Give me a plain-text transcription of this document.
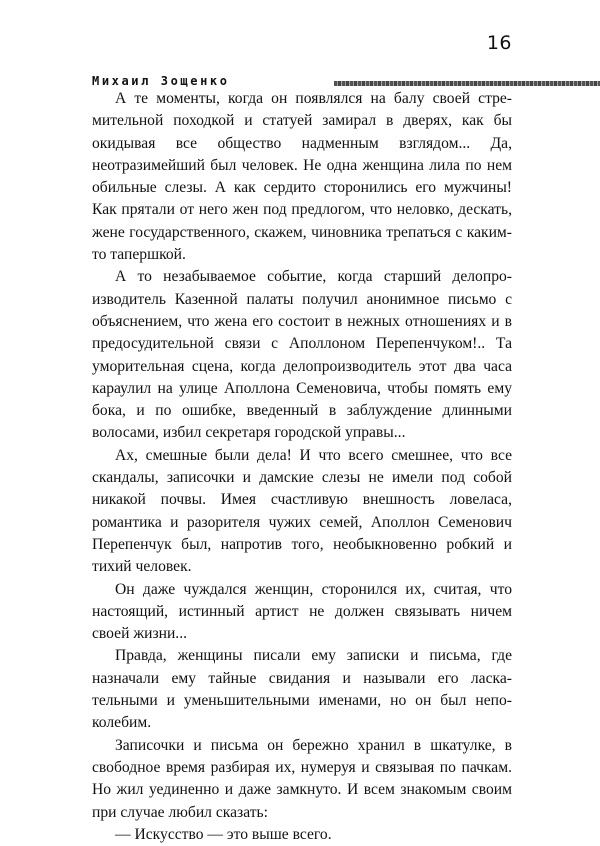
Михаил Зощенко
16

А те моменты, когда он появлялся на балу своей стремительной походкой и статуей замирал в дверях, как бы окидывая все общество надменным взглядом... Да, неотразимейший был человек. Не одна женщина лила по нем обильные слезы. А как сердито сторонились его мужчины! Как прятали от него жен под предлогом, что неловко, дескать, жене государственного, скажем, чиновника трепаться с каким-то тапершкой.

А то незабываемое событие, когда старший делопроизводитель Казенной палаты получил анонимное письмо с объяснением, что жена его состоит в нежных отношениях и в предосудительной связи с Аполлоном Перепенчуком!.. Та уморительная сцена, когда делопроизводитель этот два часа караулил на улице Аполлона Семеновича, чтобы помять ему бока, и по ошибке, введенный в заблуждение длинными волосами, избил секретаря городской управы...

Ах, смешные были дела! И что всего смешнее, что все скандалы, записочки и дамские слезы не имели под собой никакой почвы. Имея счастливую внешность ловеласа, романтика и разорителя чужих семей, Аполлон Семенович Перепенчук был, напротив того, необыкновенно робкий и тихий человек.

Он даже чуждался женщин, сторонился их, считая, что настоящий, истинный артист не должен связывать ничем своей жизни...

Правда, женщины писали ему записки и письма, где назначали ему тайные свидания и называли его ласкательными и уменьшительными именами, но он был непоколебим.

Записочки и письма он бережно хранил в шкатулке, в свободное время разбирая их, нумеруя и связывая по пачкам. Но жил уединенно и даже замкнуто. И всем знакомым своим при случае любил сказать:

— Искусство — это выше всего.
